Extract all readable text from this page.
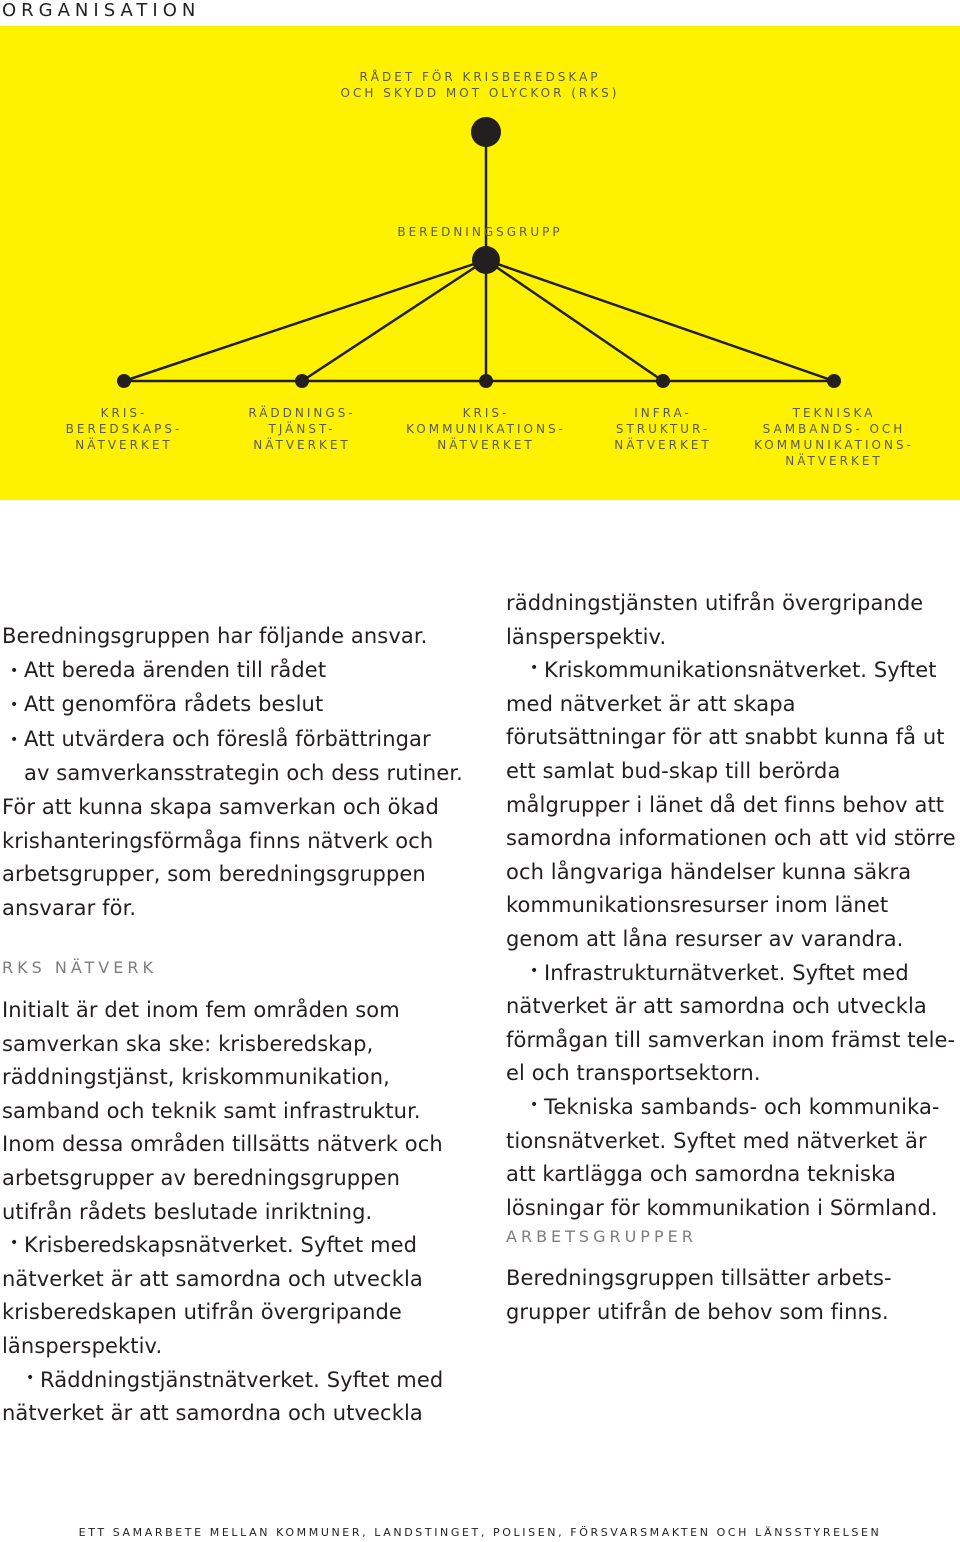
ORGANISATION
RÅDET FÖR KRISBEREDSKAP
OCH SKYDD MOT OLYCKOR (RKS)
BEREDNINGSGRUPP
KRIS-
BEREDSKAPS-
NÄTVERKET
RÄDDNINGS-
TJÄNST-
NÄTVERKET
KRIS-
KOMMUNIKATIONS-
NÄTVERKET
INFRA-
STRUKTUR-
NÄTVERKET
TEKNISKA
SAMBANDS- OCH
KOMMUNIKATIONS-
NÄTVERKET

Beredningsgruppen har följande ansvar.

• Att bereda ärenden till rådet

• Att genomföra rådets beslut

• Att utvärdera och föreslå förbättringar

av samverkansstrategin och dess rutiner.

För att kunna skapa samverkan och ökad krishanteringsförmåga finns nätverk och arbetsgrupper, som beredningsgruppen ansvarar för.

RKS NÄTVERK

Initialt är det inom fem områden som samverkan ska ske: krisberedskap, räddningstjänst, kriskommunikation, samband och teknik samt infrastruktur. Inom dessa områden tillsätts nätverk och arbetsgrupper av beredningsgruppen utifrån rådets beslutade inriktning.

• Krisberedskapsnätverket. Syftet med

nätverket är att samordna och utveckla krisberedskapen utifrån övergripande länsperspektiv.

• Räddningstjänstnätverket. Syftet med

nätverket är att samordna och utveckla

räddningstjänsten utifrån övergripande länsperspektiv.

• Kriskommunikationsnätverket. Syftet

med nätverket är att skapa förutsättningar för att snabbt kunna få ut ett samlat bud-skap till berörda målgrupper i länet då det finns behov att samordna informationen och att vid större och långvariga händelser kunna säkra kommunikationsresurser inom länet genom att låna resurser av varandra.

• Infrastrukturnätverket. Syftet med

nätverket är att samordna och utveckla förmågan till samverkan inom främst tele-el och transportsektorn.

• Tekniska sambands- och kommunika-

tionsnätverket. Syftet med nätverket är att kartlägga och samordna tekniska lösningar för kommunikation i Sörmland.

ARBETSGRUPPER

Beredningsgruppen tillsätter arbets-grupper utifrån de behov som finns.

ETT SAMARBETE MELLAN KOMMUNER, LANDSTINGET, POLISEN, FÖRSVARSMAKTEN OCH LÄNSSTYRELSEN
